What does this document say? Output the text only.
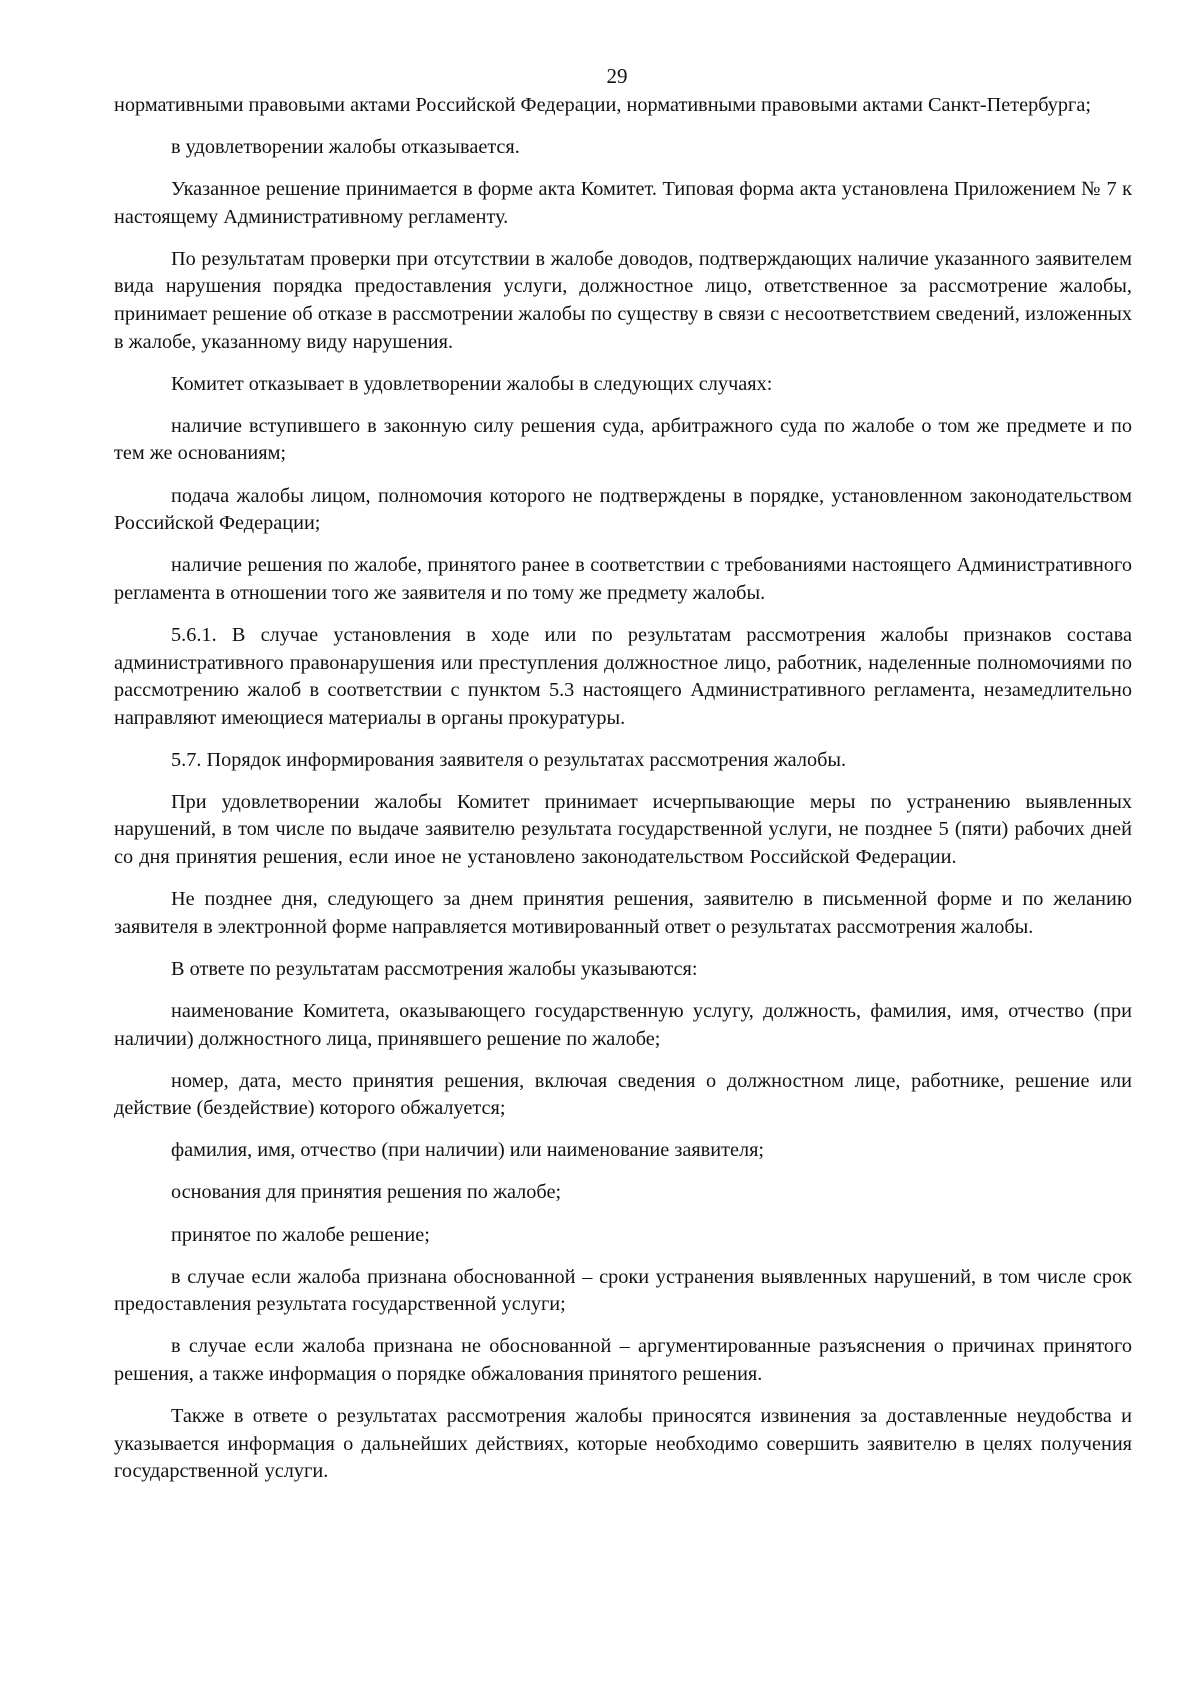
29

нормативными правовыми актами Российской Федерации, нормативными правовыми актами Санкт-Петербурга;

в удовлетворении жалобы отказывается.

Указанное решение принимается в форме акта Комитет. Типовая форма акта установлена Приложением № 7 к настоящему Административному регламенту.

По результатам проверки при отсутствии в жалобе доводов, подтверждающих наличие указанного заявителем вида нарушения порядка предоставления услуги, должностное лицо, ответственное за рассмотрение жалобы, принимает решение об отказе в рассмотрении жалобы по существу в связи с несоответствием сведений, изложенных в жалобе, указанному виду нарушения.

Комитет отказывает в удовлетворении жалобы в следующих случаях:

наличие вступившего в законную силу решения суда, арбитражного суда по жалобе о том же предмете и по тем же основаниям;

подача жалобы лицом, полномочия которого не подтверждены в порядке, установленном законодательством Российской Федерации;

наличие решения по жалобе, принятого ранее в соответствии с требованиями настоящего Административного регламента в отношении того же заявителя и по тому же предмету жалобы.

5.6.1. В случае установления в ходе или по результатам рассмотрения жалобы признаков состава административного правонарушения или преступления должностное лицо, работник, наделенные полномочиями по рассмотрению жалоб в соответствии с пунктом 5.3 настоящего Административного регламента, незамедлительно направляют имеющиеся материалы в органы прокуратуры.

5.7. Порядок информирования заявителя о результатах рассмотрения жалобы.

При удовлетворении жалобы Комитет принимает исчерпывающие меры по устранению выявленных нарушений, в том числе по выдаче заявителю результата государственной услуги, не позднее 5 (пяти) рабочих дней со дня принятия решения, если иное не установлено законодательством Российской Федерации.

Не позднее дня, следующего за днем принятия решения, заявителю в письменной форме и по желанию заявителя в электронной форме направляется мотивированный ответ о результатах рассмотрения жалобы.

В ответе по результатам рассмотрения жалобы указываются:

наименование Комитета, оказывающего государственную услугу, должность, фамилия, имя, отчество (при наличии) должностного лица, принявшего решение по жалобе;

номер, дата, место принятия решения, включая сведения о должностном лице, работнике, решение или действие (бездействие) которого обжалуется;

фамилия, имя, отчество (при наличии) или наименование заявителя;

основания для принятия решения по жалобе;

принятое по жалобе решение;

в случае если жалоба признана обоснованной – сроки устранения выявленных нарушений, в том числе срок предоставления результата государственной услуги;

в случае если жалоба признана не обоснованной – аргументированные разъяснения о причинах принятого решения, а также информация о порядке обжалования принятого решения.

Также в ответе о результатах рассмотрения жалобы приносятся извинения за доставленные неудобства и указывается информация о дальнейших действиях, которые необходимо совершить заявителю в целях получения государственной услуги.
